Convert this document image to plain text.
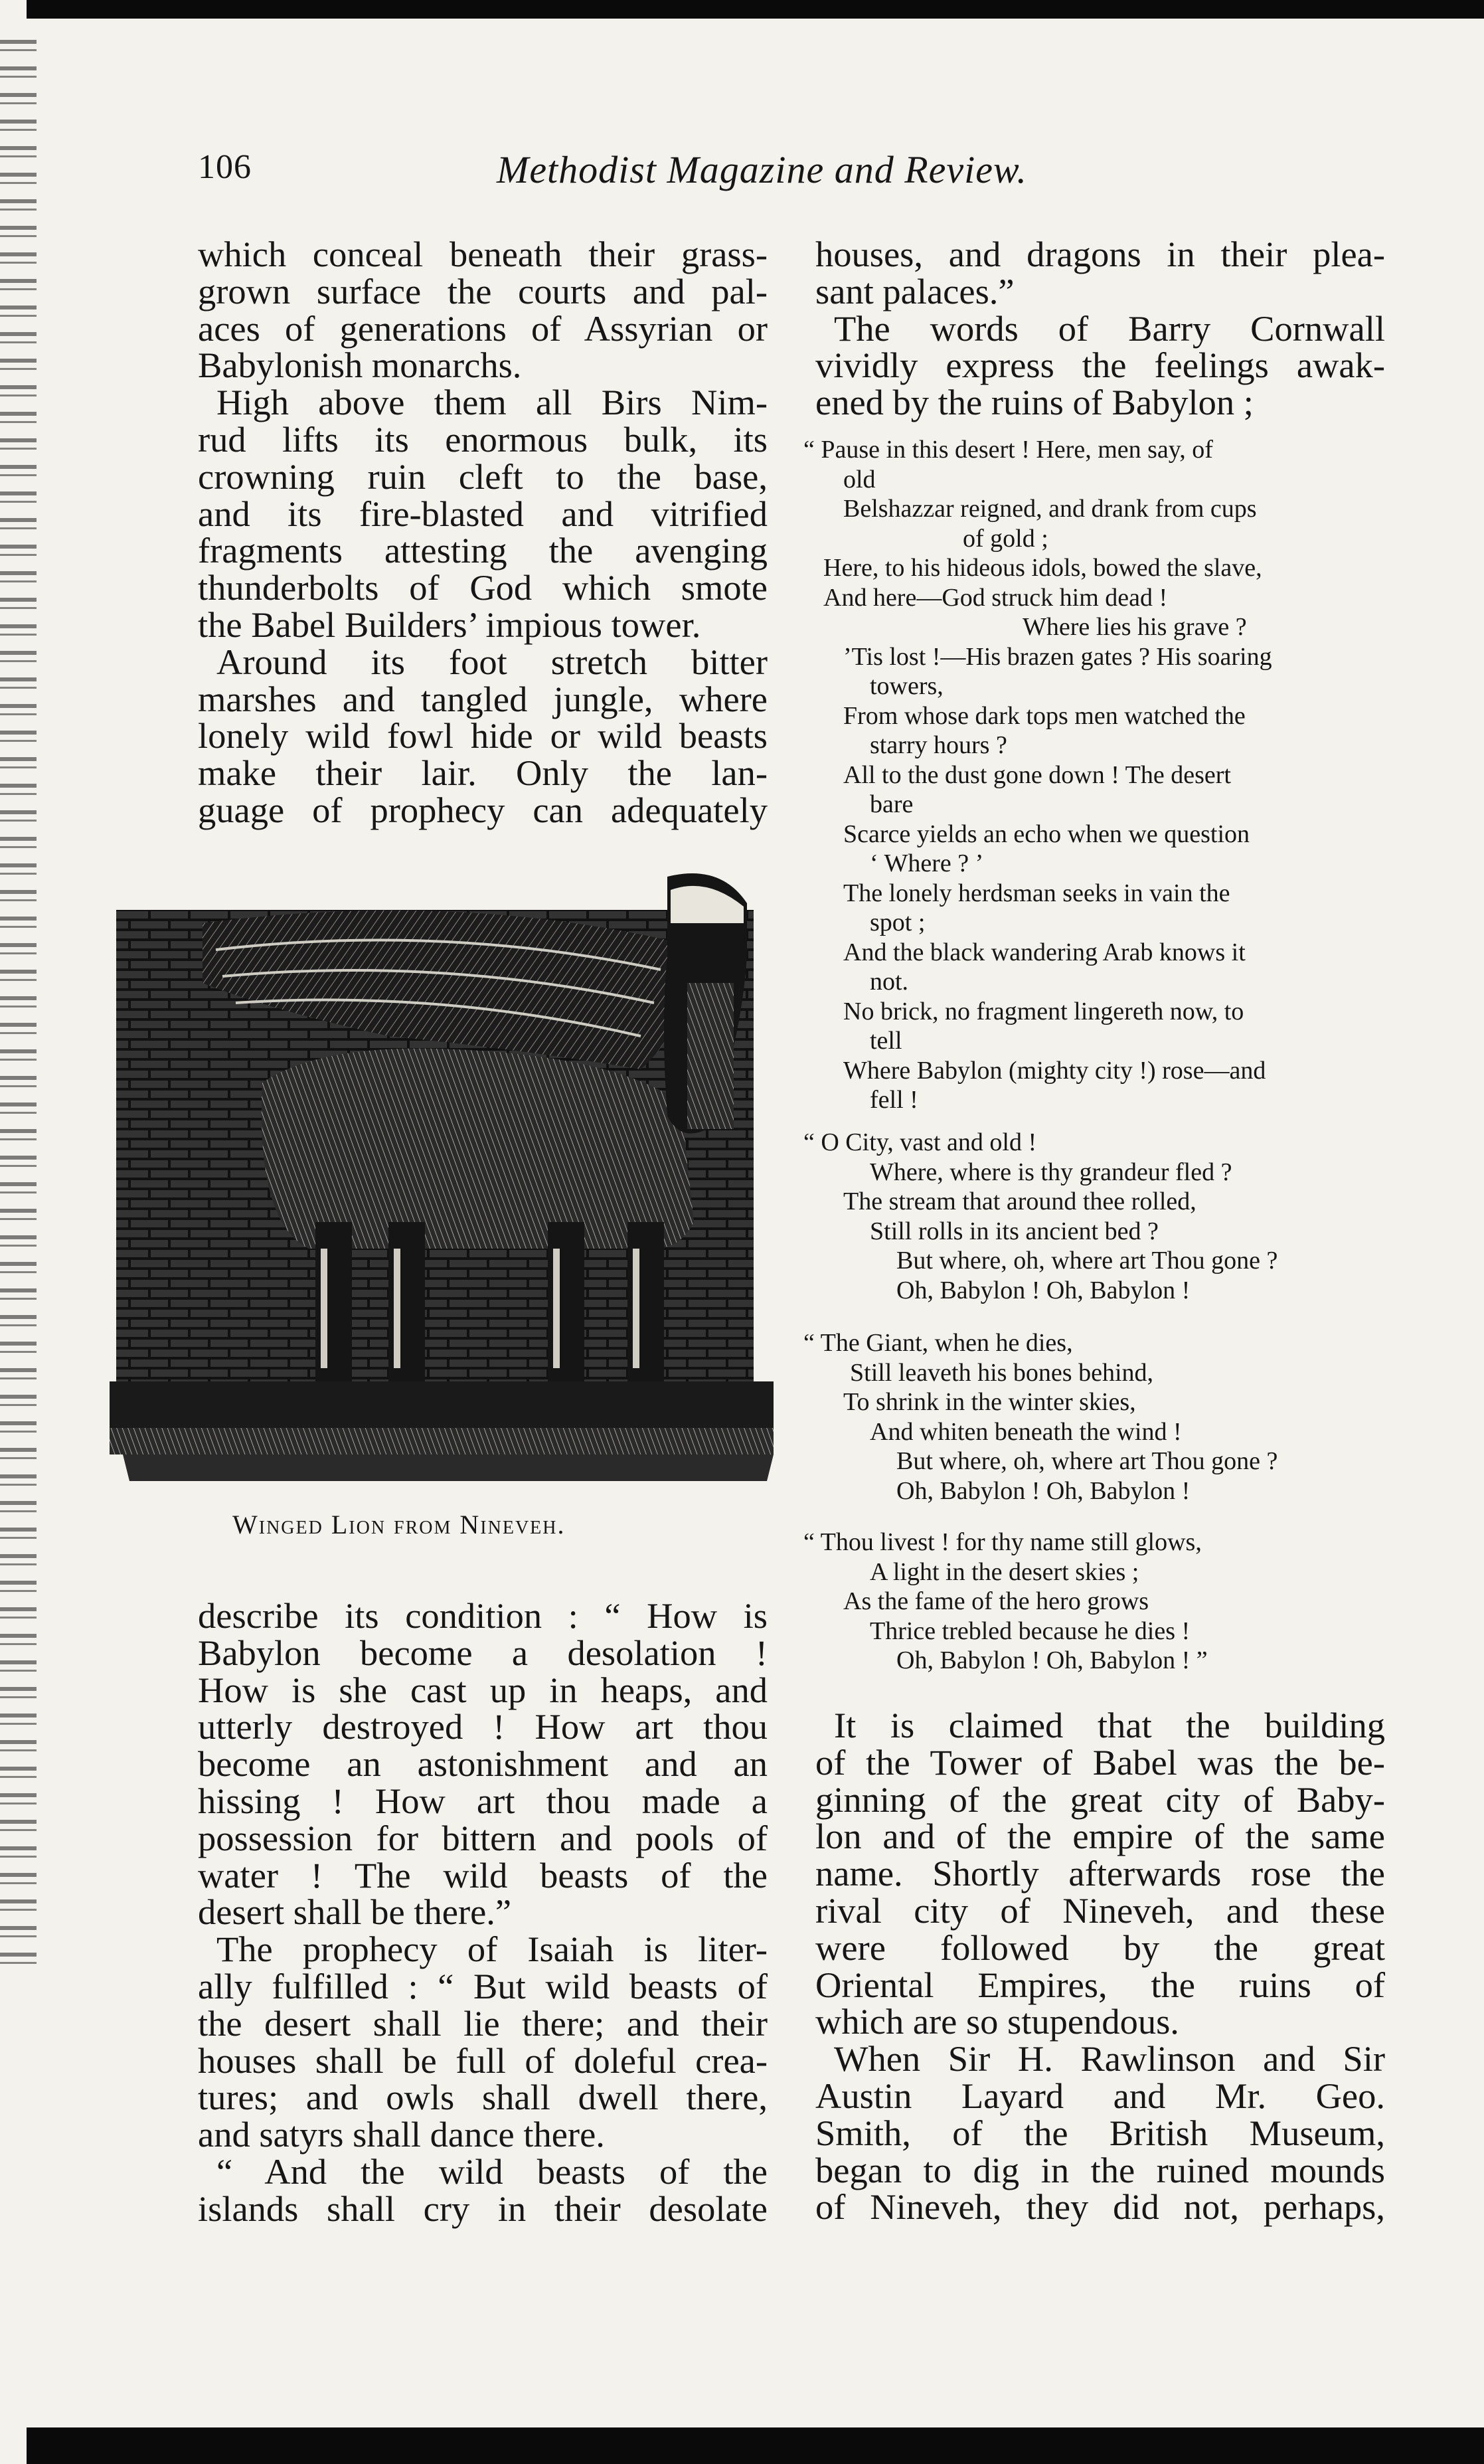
106	Methodist Magazine and Review.

which conceal beneath their grass-

grown surface the courts and pal-

aces of generations of Assyrian or

Babylonish monarchs.

High above them all Birs Nim-

rud lifts its enormous bulk, its

crowning ruin cleft to the base,

and its fire-blasted and vitrified

fragments attesting the avenging

thunderbolts of God which smote

the Babel Builders’ impious tower.

Around its foot stretch bitter

marshes and tangled jungle, where

lonely wild fowl hide or wild beasts

make their lair. Only the lan-

guage of prophecy can adequately

Winged Lion from Nineveh.

describe its condition : “ How is

Babylon become a desolation !

How is she cast up in heaps, and

utterly destroyed ! How art thou

become an astonishment and an

hissing ! How art thou made a

possession for bittern and pools of

water ! The wild beasts of the

desert shall be there.”

The prophecy of Isaiah is liter-

ally fulfilled : “ But wild beasts of

the desert shall lie there; and their

houses shall be full of doleful crea-

tures; and owls shall dwell there,

and satyrs shall dance there.

“ And the wild beasts of the

islands shall cry in their desolate

houses, and dragons in their plea-

sant palaces.”

The words of Barry Cornwall

vividly express the feelings awak-

ened by the ruins of Babylon ;

“ Pause in this desert ! Here, men say, of
old
Belshazzar reigned, and drank from cups
of gold ;
Here, to his hideous idols, bowed the slave,
And here—God struck him dead !
Where lies his grave ?
’Tis lost !—His brazen gates ? His soaring
towers,
From whose dark tops men watched the
starry hours ?
All to the dust gone down ! The desert
bare
Scarce yields an echo when we question
‘ Where ? ’
The lonely herdsman seeks in vain the
spot ;
And the black wandering Arab knows it
not.
No brick, no fragment lingereth now, to
tell
Where Babylon (mighty city !) rose—and
fell !
“ O City, vast and old !
Where, where is thy grandeur fled ?
The stream that around thee rolled,
Still rolls in its ancient bed ?
But where, oh, where art Thou gone ?
Oh, Babylon ! Oh, Babylon !
“ The Giant, when he dies,
Still leaveth his bones behind,
To shrink in the winter skies,
And whiten beneath the wind !
But where, oh, where art Thou gone ?
Oh, Babylon ! Oh, Babylon !
“ Thou livest ! for thy name still glows,
A light in the desert skies ;
As the fame of the hero grows
Thrice trebled because he dies !
Oh, Babylon ! Oh, Babylon ! ”

It is claimed that the building

of the Tower of Babel was the be-

ginning of the great city of Baby-

lon and of the empire of the same

name. Shortly afterwards rose the

rival city of Nineveh, and these

were followed by the great

Oriental Empires, the ruins of

which are so stupendous.

When Sir H. Rawlinson and Sir

Austin Layard and Mr. Geo.

Smith, of the British Museum,

began to dig in the ruined mounds

of Nineveh, they did not, perhaps,
